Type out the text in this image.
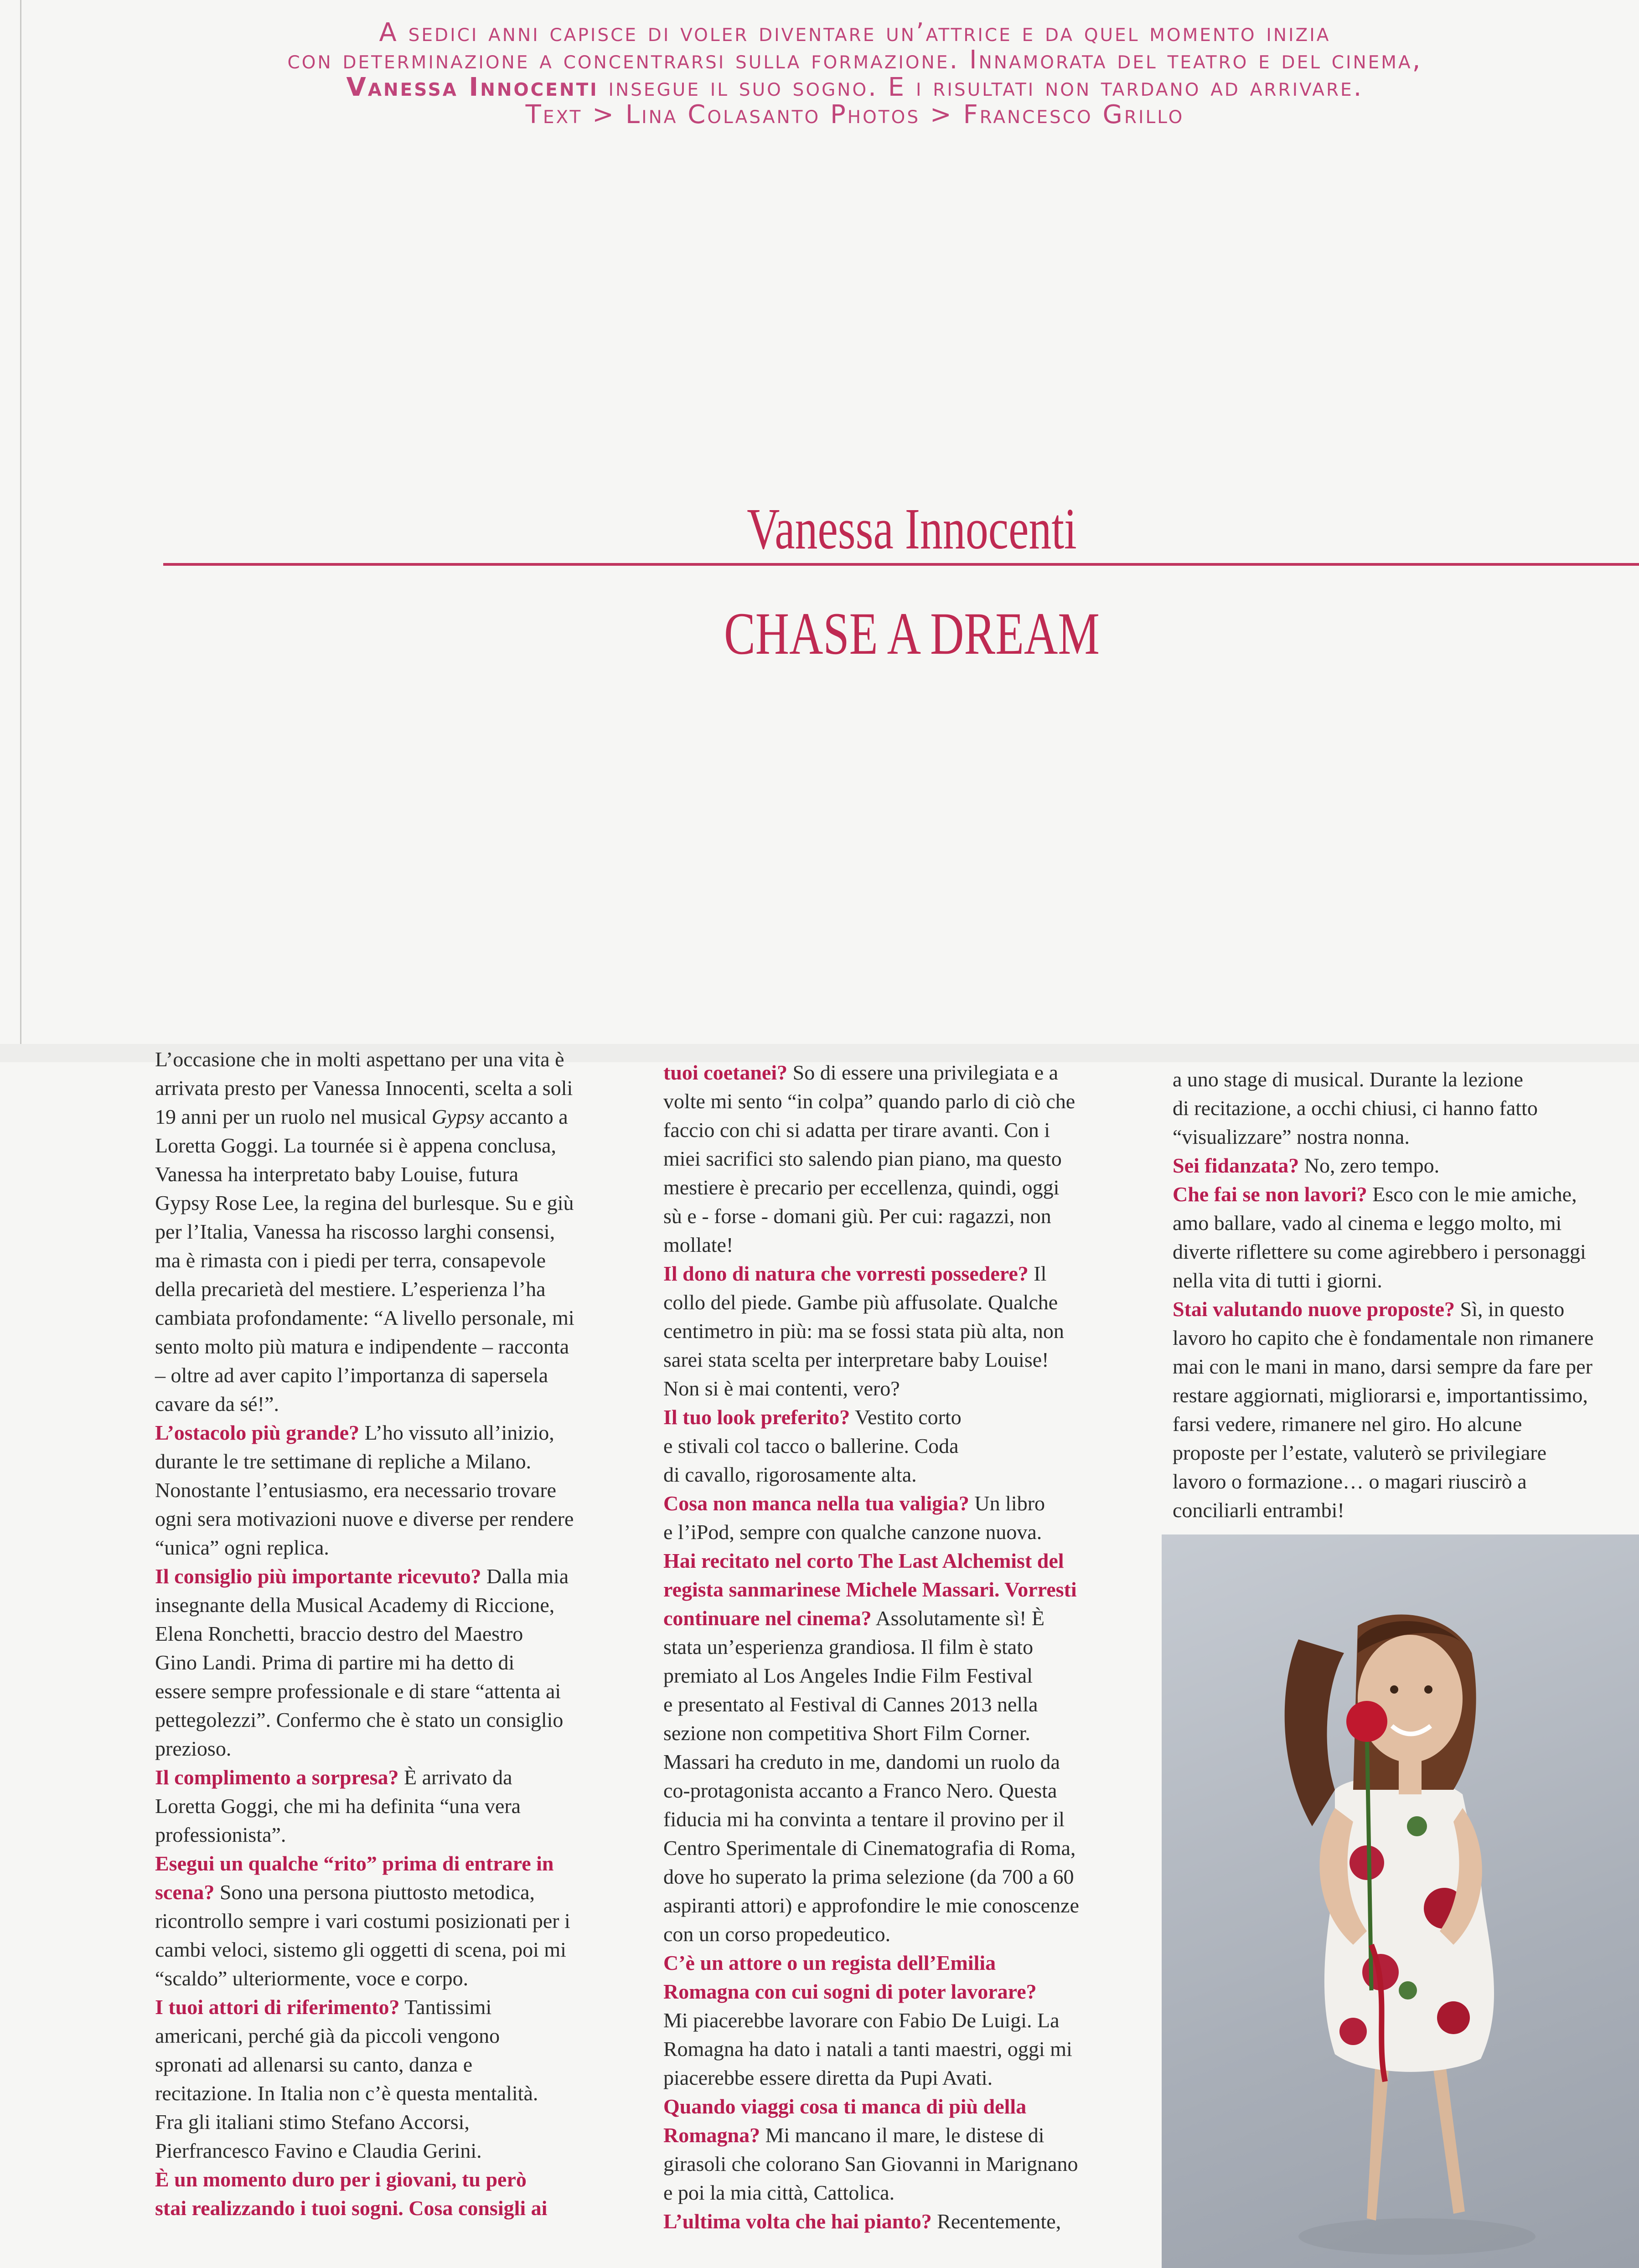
A sedici anni capisce di voler diventare un’attrice e da quel momento inizia
con determinazione a concentrarsi sulla formazione. Innamorata del teatro e del cinema,
Vanessa Innocenti insegue il suo sogno. E i risultati non tardano ad arrivare.
Text > Lina Colasanto Photos > Francesco Grillo
Vanessa Innocenti
CHASE A DREAM
L’occasione che in molti aspettano per una vita è
arrivata presto per Vanessa Innocenti, scelta a soli
19 anni per un ruolo nel musical Gypsy accanto a
Loretta Goggi. La tournée si è appena conclusa,
Vanessa ha interpretato baby Louise, futura
Gypsy Rose Lee, la regina del burlesque. Su e giù
per l’Italia, Vanessa ha riscosso larghi consensi,
ma è rimasta con i piedi per terra, consapevole
della precarietà del mestiere. L’esperienza l’ha
cambiata profondamente: “A livello personale, mi
sento molto più matura e indipendente – racconta
– oltre ad aver capito l’importanza di sapersela
cavare da sé!”.
L’ostacolo più grande? L’ho vissuto all’inizio,
durante le tre settimane di repliche a Milano.
Nonostante l’entusiasmo, era necessario trovare
ogni sera motivazioni nuove e diverse per rendere
“unica” ogni replica.
Il consiglio più importante ricevuto? Dalla mia
insegnante della Musical Academy di Riccione,
Elena Ronchetti, braccio destro del Maestro
Gino Landi. Prima di partire mi ha detto di
essere sempre professionale e di stare “attenta ai
pettegolezzi”. Confermo che è stato un consiglio
prezioso.
Il complimento a sorpresa? È arrivato da
Loretta Goggi, che mi ha definita “una vera
professionista”.
Esegui un qualche “rito” prima di entrare in
scena? Sono una persona piuttosto metodica,
ricontrollo sempre i vari costumi posizionati per i
cambi veloci, sistemo gli oggetti di scena, poi mi
“scaldo” ulteriormente, voce e corpo.
I tuoi attori di riferimento? Tantissimi
americani, perché già da piccoli vengono
spronati ad allenarsi su canto, danza e
recitazione. In Italia non c’è questa mentalità.
Fra gli italiani stimo Stefano Accorsi,
Pierfrancesco Favino e Claudia Gerini.
È un momento duro per i giovani, tu però
stai realizzando i tuoi sogni. Cosa consigli ai
tuoi coetanei? So di essere una privilegiata e a
volte mi sento “in colpa” quando parlo di ciò che
faccio con chi si adatta per tirare avanti. Con i
miei sacrifici sto salendo pian piano, ma questo
mestiere è precario per eccellenza, quindi, oggi
sù e - forse - domani giù. Per cui: ragazzi, non
mollate!
Il dono di natura che vorresti possedere? Il
collo del piede. Gambe più affusolate. Qualche
centimetro in più: ma se fossi stata più alta, non
sarei stata scelta per interpretare baby Louise!
Non si è mai contenti, vero?
Il tuo look preferito? Vestito corto
e stivali col tacco o ballerine. Coda
di cavallo, rigorosamente alta.
Cosa non manca nella tua valigia? Un libro
e l’iPod, sempre con qualche canzone nuova.
Hai recitato nel corto The Last Alchemist del
regista sanmarinese Michele Massari. Vorresti
continuare nel cinema? Assolutamente sì! È
stata un’esperienza grandiosa. Il film è stato
premiato al Los Angeles Indie Film Festival
e presentato al Festival di Cannes 2013 nella
sezione non competitiva Short Film Corner.
Massari ha creduto in me, dandomi un ruolo da
co-protagonista accanto a Franco Nero. Questa
fiducia mi ha convinta a tentare il provino per il
Centro Sperimentale di Cinematografia di Roma,
dove ho superato la prima selezione (da 700 a 60
aspiranti attori) e approfondire le mie conoscenze
con un corso propedeutico.
C’è un attore o un regista dell’Emilia
Romagna con cui sogni di poter lavorare?
Mi piacerebbe lavorare con Fabio De Luigi. La
Romagna ha dato i natali a tanti maestri, oggi mi
piacerebbe essere diretta da Pupi Avati.
Quando viaggi cosa ti manca di più della
Romagna? Mi mancano il mare, le distese di
girasoli che colorano San Giovanni in Marignano
e poi la mia città, Cattolica.
L’ultima volta che hai pianto? Recentemente,
a uno stage di musical. Durante la lezione
di recitazione, a occhi chiusi, ci hanno fatto
“visualizzare” nostra nonna.
Sei fidanzata? No, zero tempo.
Che fai se non lavori? Esco con le mie amiche,
amo ballare, vado al cinema e leggo molto, mi
diverte riflettere su come agirebbero i personaggi
nella vita di tutti i giorni.
Stai valutando nuove proposte? Sì, in questo
lavoro ho capito che è fondamentale non rimanere
mai con le mani in mano, darsi sempre da fare per
restare aggiornati, migliorarsi e, importantissimo,
farsi vedere, rimanere nel giro. Ho alcune
proposte per l’estate, valuterò se privilegiare
lavoro o formazione… o magari riuscirò a
conciliarli entrambi!
